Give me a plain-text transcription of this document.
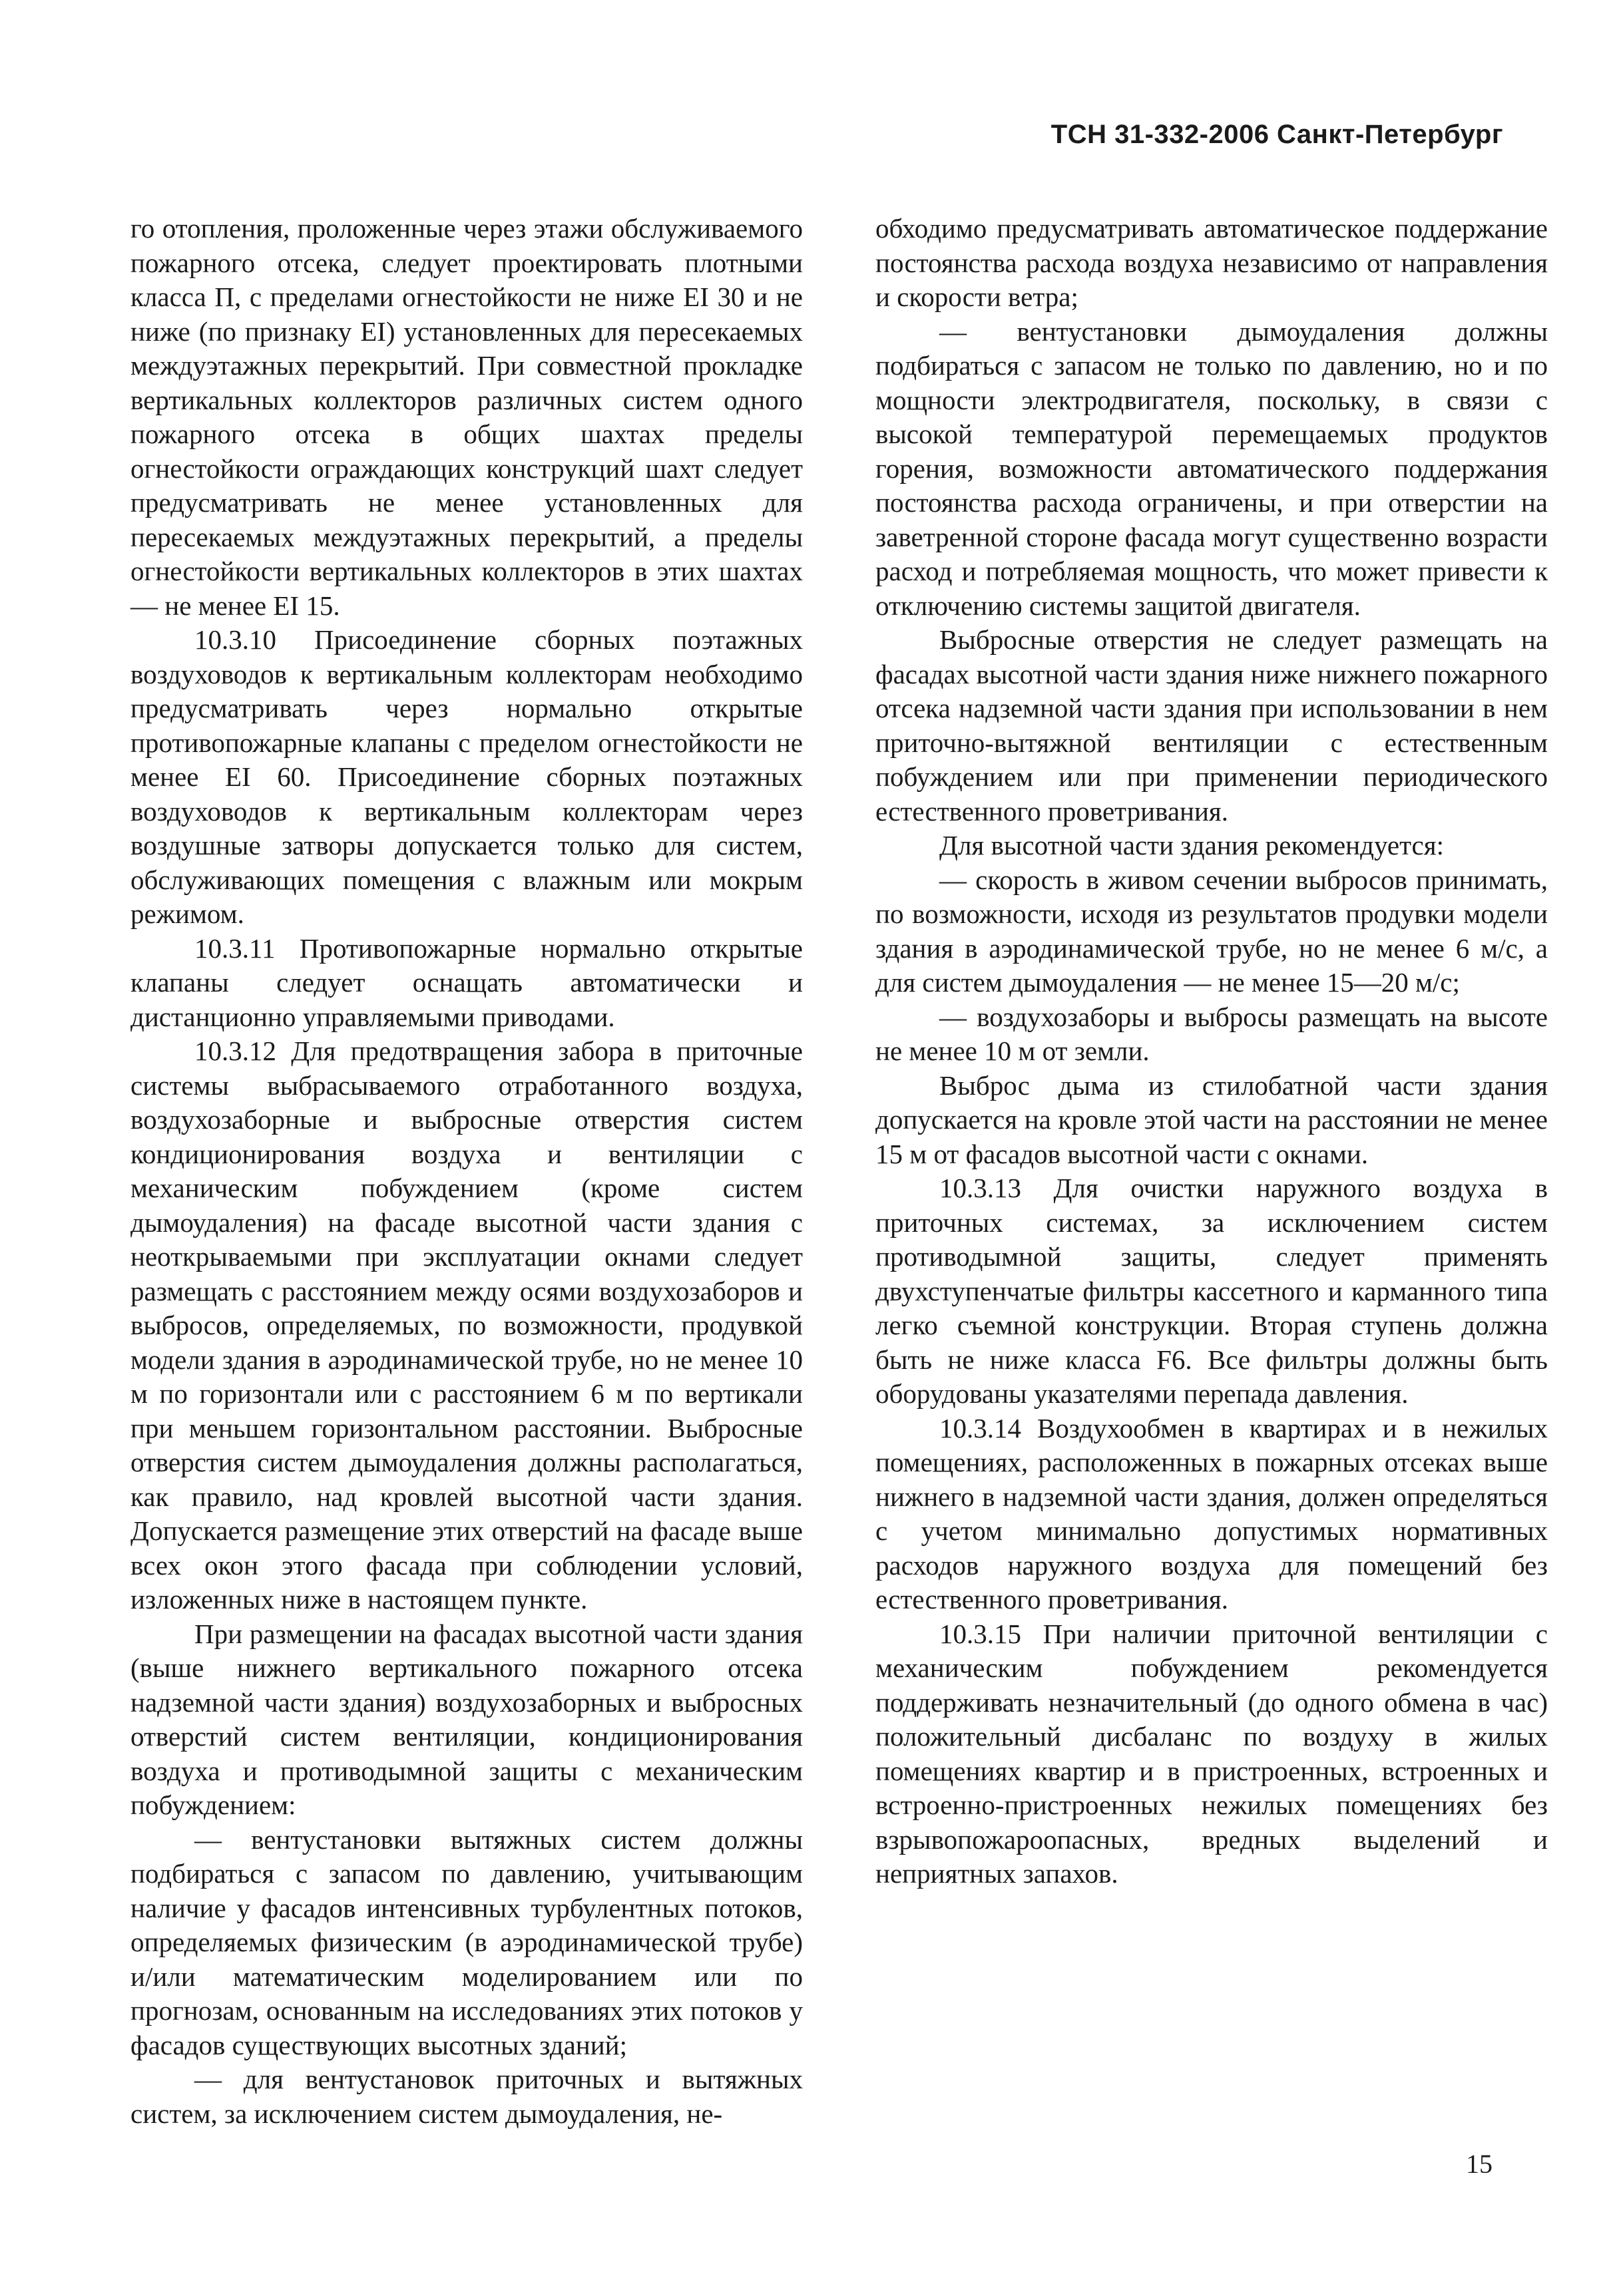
ТСН 31-332-2006 Санкт-Петербург

го отопления, проложенные через этажи обслуживаемого пожарного отсека, следует проектировать плотными класса П, с пределами огнестойкости не ниже EI 30 и не ниже (по признаку EI) установленных для пересекаемых междуэтажных перекрытий. При совместной прокладке вертикальных коллекторов различных систем одного пожарного отсека в общих шахтах пределы огнестойкости ограждающих конструкций шахт следует предусматривать не менее установленных для пересекаемых междуэтажных перекрытий, а пределы огнестойкости вертикальных коллекторов в этих шахтах — не менее EI 15.

10.3.10 Присоединение сборных поэтажных воздуховодов к вертикальным коллекторам необходимо предусматривать через нормально открытые противопожарные клапаны с пределом огнестойкости не менее EI 60. Присоединение сборных поэтажных воздуховодов к вертикальным коллекторам через воздушные затворы допускается только для систем, обслуживающих помещения с влажным или мокрым режимом.

10.3.11 Противопожарные нормально открытые клапаны следует оснащать автоматически и дистанционно управляемыми приводами.

10.3.12 Для предотвращения забора в приточные системы выбрасываемого отработанного воздуха, воздухозаборные и выбросные отверстия систем кондиционирования воздуха и вентиляции с механическим побуждением (кроме систем дымоудаления) на фасаде высотной части здания с неоткрываемыми при эксплуатации окнами следует размещать с расстоянием между осями воздухозаборов и выбросов, определяемых, по возможности, продувкой модели здания в аэродинамической трубе, но не менее 10 м по горизонтали или с расстоянием 6 м по вертикали при меньшем горизонтальном расстоянии. Выбросные отверстия систем дымоудаления должны располагаться, как правило, над кровлей высотной части здания. Допускается размещение этих отверстий на фасаде выше всех окон этого фасада при соблюдении условий, изложенных ниже в настоящем пункте.

При размещении на фасадах высотной части здания (выше нижнего вертикального пожарного отсека надземной части здания) воздухозаборных и выбросных отверстий систем вентиляции, кондиционирования воздуха и противодымной защиты с механическим побуждением:

— вентустановки вытяжных систем должны подбираться с запасом по давлению, учитывающим наличие у фасадов интенсивных турбулентных потоков, определяемых физическим (в аэродинамической трубе) и/или математическим моделированием или по прогнозам, основанным на исследованиях этих потоков у фасадов существующих высотных зданий;

— для вентустановок приточных и вытяжных систем, за исключением систем дымоудаления, не-

обходимо предусматривать автоматическое поддержание постоянства расхода воздуха независимо от направления и скорости ветра;

— вентустановки дымоудаления должны подбираться с запасом не только по давлению, но и по мощности электродвигателя, поскольку, в связи с высокой температурой перемещаемых продуктов горения, возможности автоматического поддержания постоянства расхода ограничены, и при отверстии на заветренной стороне фасада могут существенно возрасти расход и потребляемая мощность, что может привести к отключению системы защитой двигателя.

Выбросные отверстия не следует размещать на фасадах высотной части здания ниже нижнего пожарного отсека надземной части здания при использовании в нем приточно-вытяжной вентиляции с естественным побуждением или при применении периодического естественного проветривания.

Для высотной части здания рекомендуется:

— скорость в живом сечении выбросов принимать, по возможности, исходя из результатов продувки модели здания в аэродинамической трубе, но не менее 6 м/с, а для систем дымоудаления — не менее 15—20 м/с;

— воздухозаборы и выбросы размещать на высоте не менее 10 м от земли.

Выброс дыма из стилобатной части здания допускается на кровле этой части на расстоянии не менее 15 м от фасадов высотной части с окнами.

10.3.13 Для очистки наружного воздуха в приточных системах, за исключением систем противодымной защиты, следует применять двухступенчатые фильтры кассетного и карманного типа легко съемной конструкции. Вторая ступень должна быть не ниже класса F6. Все фильтры должны быть оборудованы указателями перепада давления.

10.3.14 Воздухообмен в квартирах и в нежилых помещениях, расположенных в пожарных отсеках выше нижнего в надземной части здания, должен определяться с учетом минимально допустимых нормативных расходов наружного воздуха для помещений без естественного проветривания.

10.3.15 При наличии приточной вентиляции с механическим побуждением рекомендуется поддерживать незначительный (до одного обмена в час) положительный дисбаланс по воздуху в жилых помещениях квартир и в пристроенных, встроенных и встроенно-пристроенных нежилых помещениях без взрывопожароопасных, вредных выделений и неприятных запахов.

15
